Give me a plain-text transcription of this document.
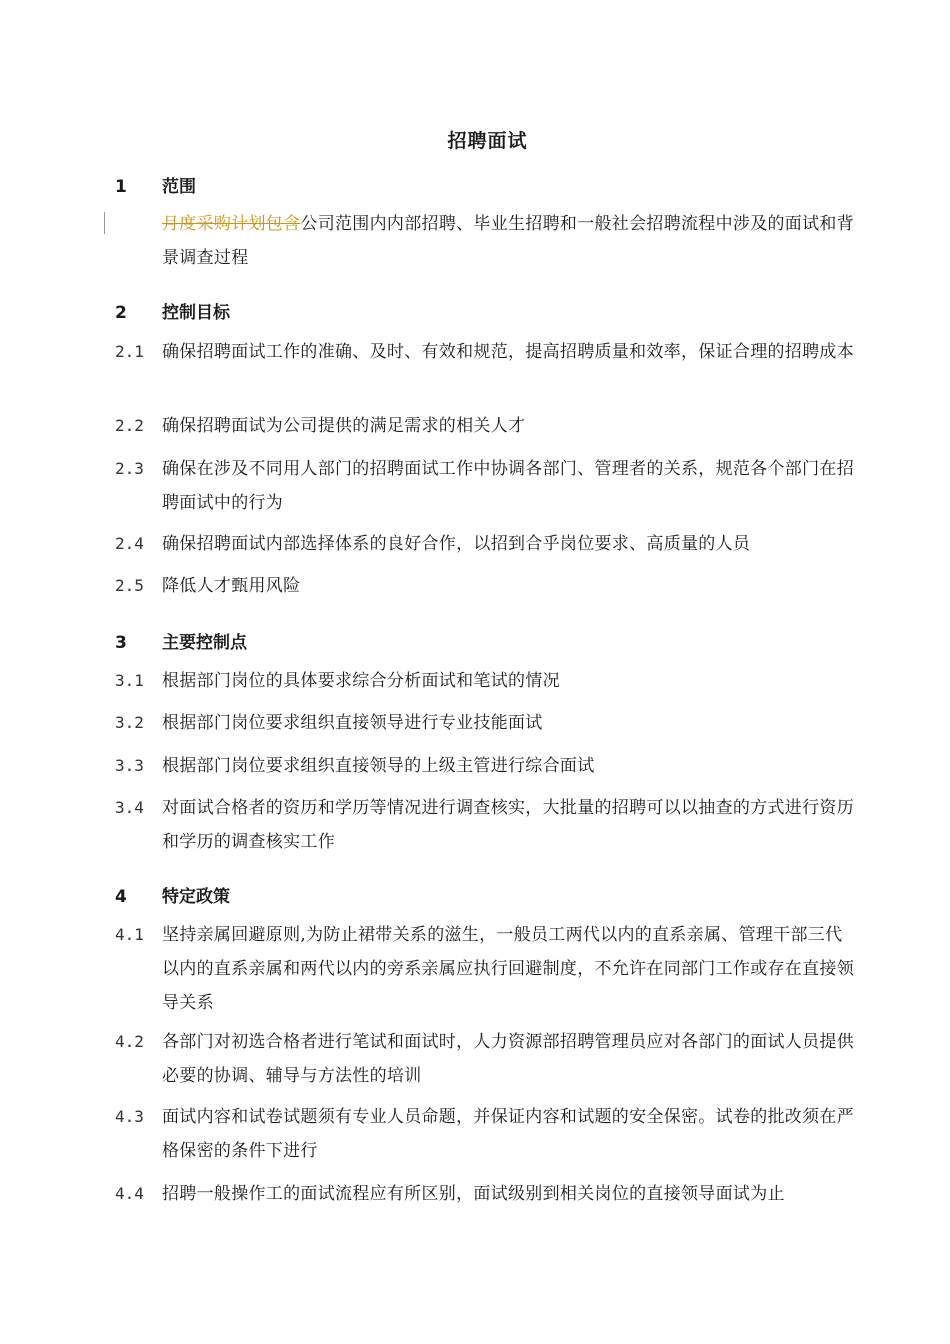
招聘面试
1 范围
月度采购计划包含公司范围内内部招聘、毕业生招聘和一般社会招聘流程中涉及的面试和背景调查过程
2 控制目标
2.1	确保招聘面试工作的准确、及时、有效和规范，提高招聘质量和效率，保证合理的招聘成本
2.2	确保招聘面试为公司提供的满足需求的相关人才
2.3	确保在涉及不同用人部门的招聘面试工作中协调各部门、管理者的关系，规范各个部门在招聘面试中的行为
2.4	确保招聘面试内部选择体系的良好合作，以招到合乎岗位要求、高质量的人员
2.5	降低人才甄用风险
3 主要控制点
3.1	根据部门岗位的具体要求综合分析面试和笔试的情况
3.2	根据部门岗位要求组织直接领导进行专业技能面试
3.3	根据部门岗位要求组织直接领导的上级主管进行综合面试
3.4	对面试合格者的资历和学历等情况进行调查核实，大批量的招聘可以以抽查的方式进行资历和学历的调查核实工作
4 特定政策
4.1	坚持亲属回避原则,为防止裙带关系的滋生，一般员工两代以内的直系亲属、管理干部三代以内的直系亲属和两代以内的旁系亲属应执行回避制度，不允许在同部门工作或存在直接领导关系
4.2	各部门对初选合格者进行笔试和面试时，人力资源部招聘管理员应对各部门的面试人员提供必要的协调、辅导与方法性的培训
4.3	面试内容和试卷试题须有专业人员命题，并保证内容和试题的安全保密。试卷的批改须在严格保密的条件下进行
4.4	招聘一般操作工的面试流程应有所区别，面试级别到相关岗位的直接领导面试为止
